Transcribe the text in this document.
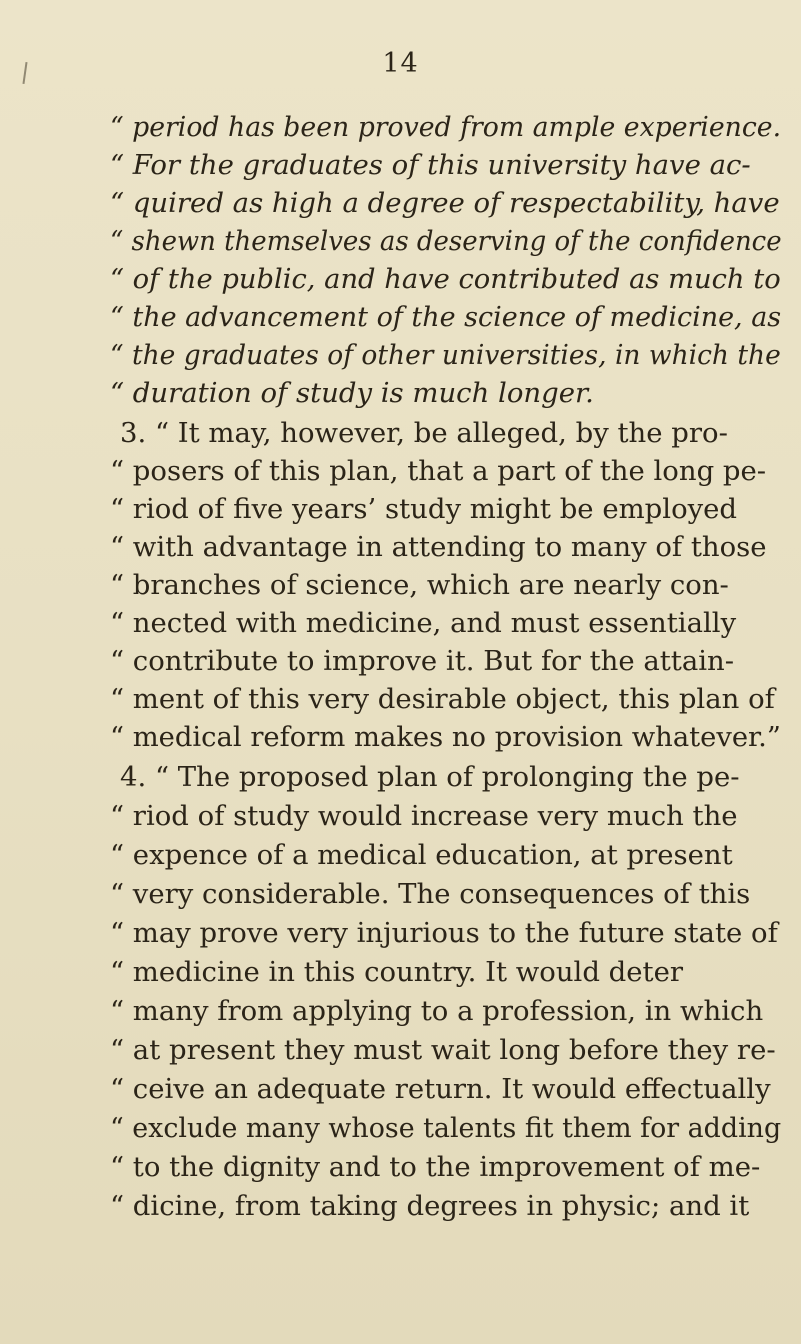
14
“ period has been proved from ample experience.
“ For the graduates of this university have ac-
“ quired as high a degree of respectability, have
“ shewn themselves as deserving of the confidence
“ of the public, and have contributed as much to
“ the advancement of the science of medicine, as
“ the graduates of other universities, in which the
“ duration of study is much longer.
3. “ It may, however, be alleged, by the pro-
“ posers of this plan, that a part of the long pe-
“ riod of five years’ study might be employed
“ with advantage in attending to many of those
“ branches of science, which are nearly con-
“ nected with medicine, and must essentially
“ contribute to improve it. But for the attain-
“ ment of this very desirable object, this plan of
“ medical reform makes no provision whatever.”
4. “ The proposed plan of prolonging the pe-
“ riod of study would increase very much the
“ expence of a medical education, at present
“ very considerable. The consequences of this
“ may prove very injurious to the future state of
“ medicine in this country. It would deter
“ many from applying to a profession, in which
“ at present they must wait long before they re-
“ ceive an adequate return. It would effectually
“ exclude many whose talents fit them for adding
“ to the dignity and to the improvement of me-
“ dicine, from taking degrees in physic; and it
